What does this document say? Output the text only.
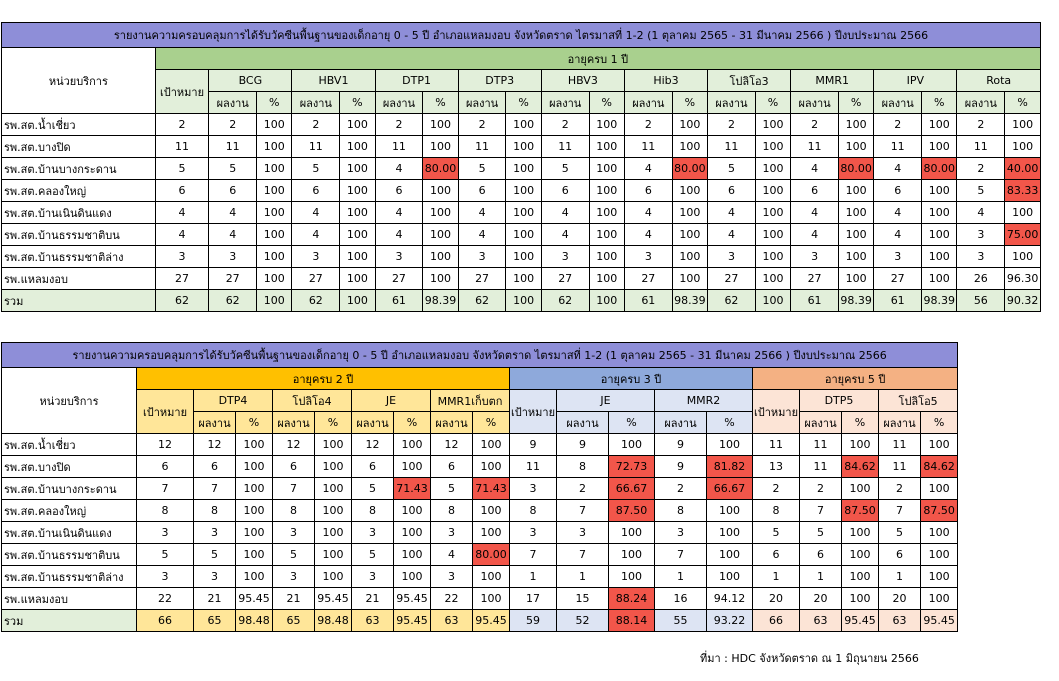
รายงานความครอบคลุมการได้รับวัคซีนพื้นฐานของเด็กอายุ 0 - 5 ปี อำเภอแหลมงอบ จังหวัดตราด ไตรมาสที่ 1-2 (1 ตุลาคม 2565 - 31 มีนาคม 2566 ) ปีงบประมาณ 2566																					
หน่วยบริการ	อายุครบ 1 ปี																				
	เป้าหมาย	BCG		HBV1		DTP1		DTP3		HBV3		Hib3		โปลิโอ3		MMR1		IPV		Rota	
		ผลงาน	%	ผลงาน	%	ผลงาน	%	ผลงาน	%	ผลงาน	%	ผลงาน	%	ผลงาน	%	ผลงาน	%	ผลงาน	%	ผลงาน	%
รพ.สต.น้ำเชี่ยว	2	2	100	2	100	2	100	2	100	2	100	2	100	2	100	2	100	2	100	2	100
รพ.สต.บางปิด	11	11	100	11	100	11	100	11	100	11	100	11	100	11	100	11	100	11	100	11	100
รพ.สต.บ้านบางกระดาน	5	5	100	5	100	4	80.00	5	100	5	100	4	80.00	5	100	4	80.00	4	80.00	2	40.00
รพ.สต.คลองใหญ่	6	6	100	6	100	6	100	6	100	6	100	6	100	6	100	6	100	6	100	5	83.33
รพ.สต.บ้านเนินดินแดง	4	4	100	4	100	4	100	4	100	4	100	4	100	4	100	4	100	4	100	4	100
รพ.สต.บ้านธรรมชาติบน	4	4	100	4	100	4	100	4	100	4	100	4	100	4	100	4	100	4	100	3	75.00
รพ.สต.บ้านธรรมชาติล่าง	3	3	100	3	100	3	100	3	100	3	100	3	100	3	100	3	100	3	100	3	100
รพ.แหลมงอบ	27	27	100	27	100	27	100	27	100	27	100	27	100	27	100	27	100	27	100	26	96.30
รวม	62	62	100	62	100	61	98.39	62	100	62	100	61	98.39	62	100	61	98.39	61	98.39	56	90.32
รายงานความครอบคลุมการได้รับวัคซีนพื้นฐานของเด็กอายุ 0 - 5 ปี อำเภอแหลมงอบ จังหวัดตราด ไตรมาสที่ 1-2 (1 ตุลาคม 2565 - 31 มีนาคม 2566 ) ปีงบประมาณ 2566																			
หน่วยบริการ	อายุครบ 2 ปี									อายุครบ 3 ปี					อายุครบ 5 ปี				
	เป้าหมาย	DTP4		โปลิโอ4		JE		MMR1เก็บตก		เป้าหมาย	JE		MMR2		เป้าหมาย	DTP5		โปลิโอ5	
		ผลงาน	%	ผลงาน	%	ผลงาน	%	ผลงาน	%		ผลงาน	%	ผลงาน	%		ผลงาน	%	ผลงาน	%
รพ.สต.น้ำเชี่ยว	12	12	100	12	100	12	100	12	100	9	9	100	9	100	11	11	100	11	100
รพ.สต.บางปิด	6	6	100	6	100	6	100	6	100	11	8	72.73	9	81.82	13	11	84.62	11	84.62
รพ.สต.บ้านบางกระดาน	7	7	100	7	100	5	71.43	5	71.43	3	2	66.67	2	66.67	2	2	100	2	100
รพ.สต.คลองใหญ่	8	8	100	8	100	8	100	8	100	8	7	87.50	8	100	8	7	87.50	7	87.50
รพ.สต.บ้านเนินดินแดง	3	3	100	3	100	3	100	3	100	3	3	100	3	100	5	5	100	5	100
รพ.สต.บ้านธรรมชาติบน	5	5	100	5	100	5	100	4	80.00	7	7	100	7	100	6	6	100	6	100
รพ.สต.บ้านธรรมชาติล่าง	3	3	100	3	100	3	100	3	100	1	1	100	1	100	1	1	100	1	100
รพ.แหลมงอบ	22	21	95.45	21	95.45	21	95.45	22	100	17	15	88.24	16	94.12	20	20	100	20	100
รวม	66	65	98.48	65	98.48	63	95.45	63	95.45	59	52	88.14	55	93.22	66	63	95.45	63	95.45
ที่มา : HDC จังหวัดตราด ณ 1 มิถุนายน 2566
